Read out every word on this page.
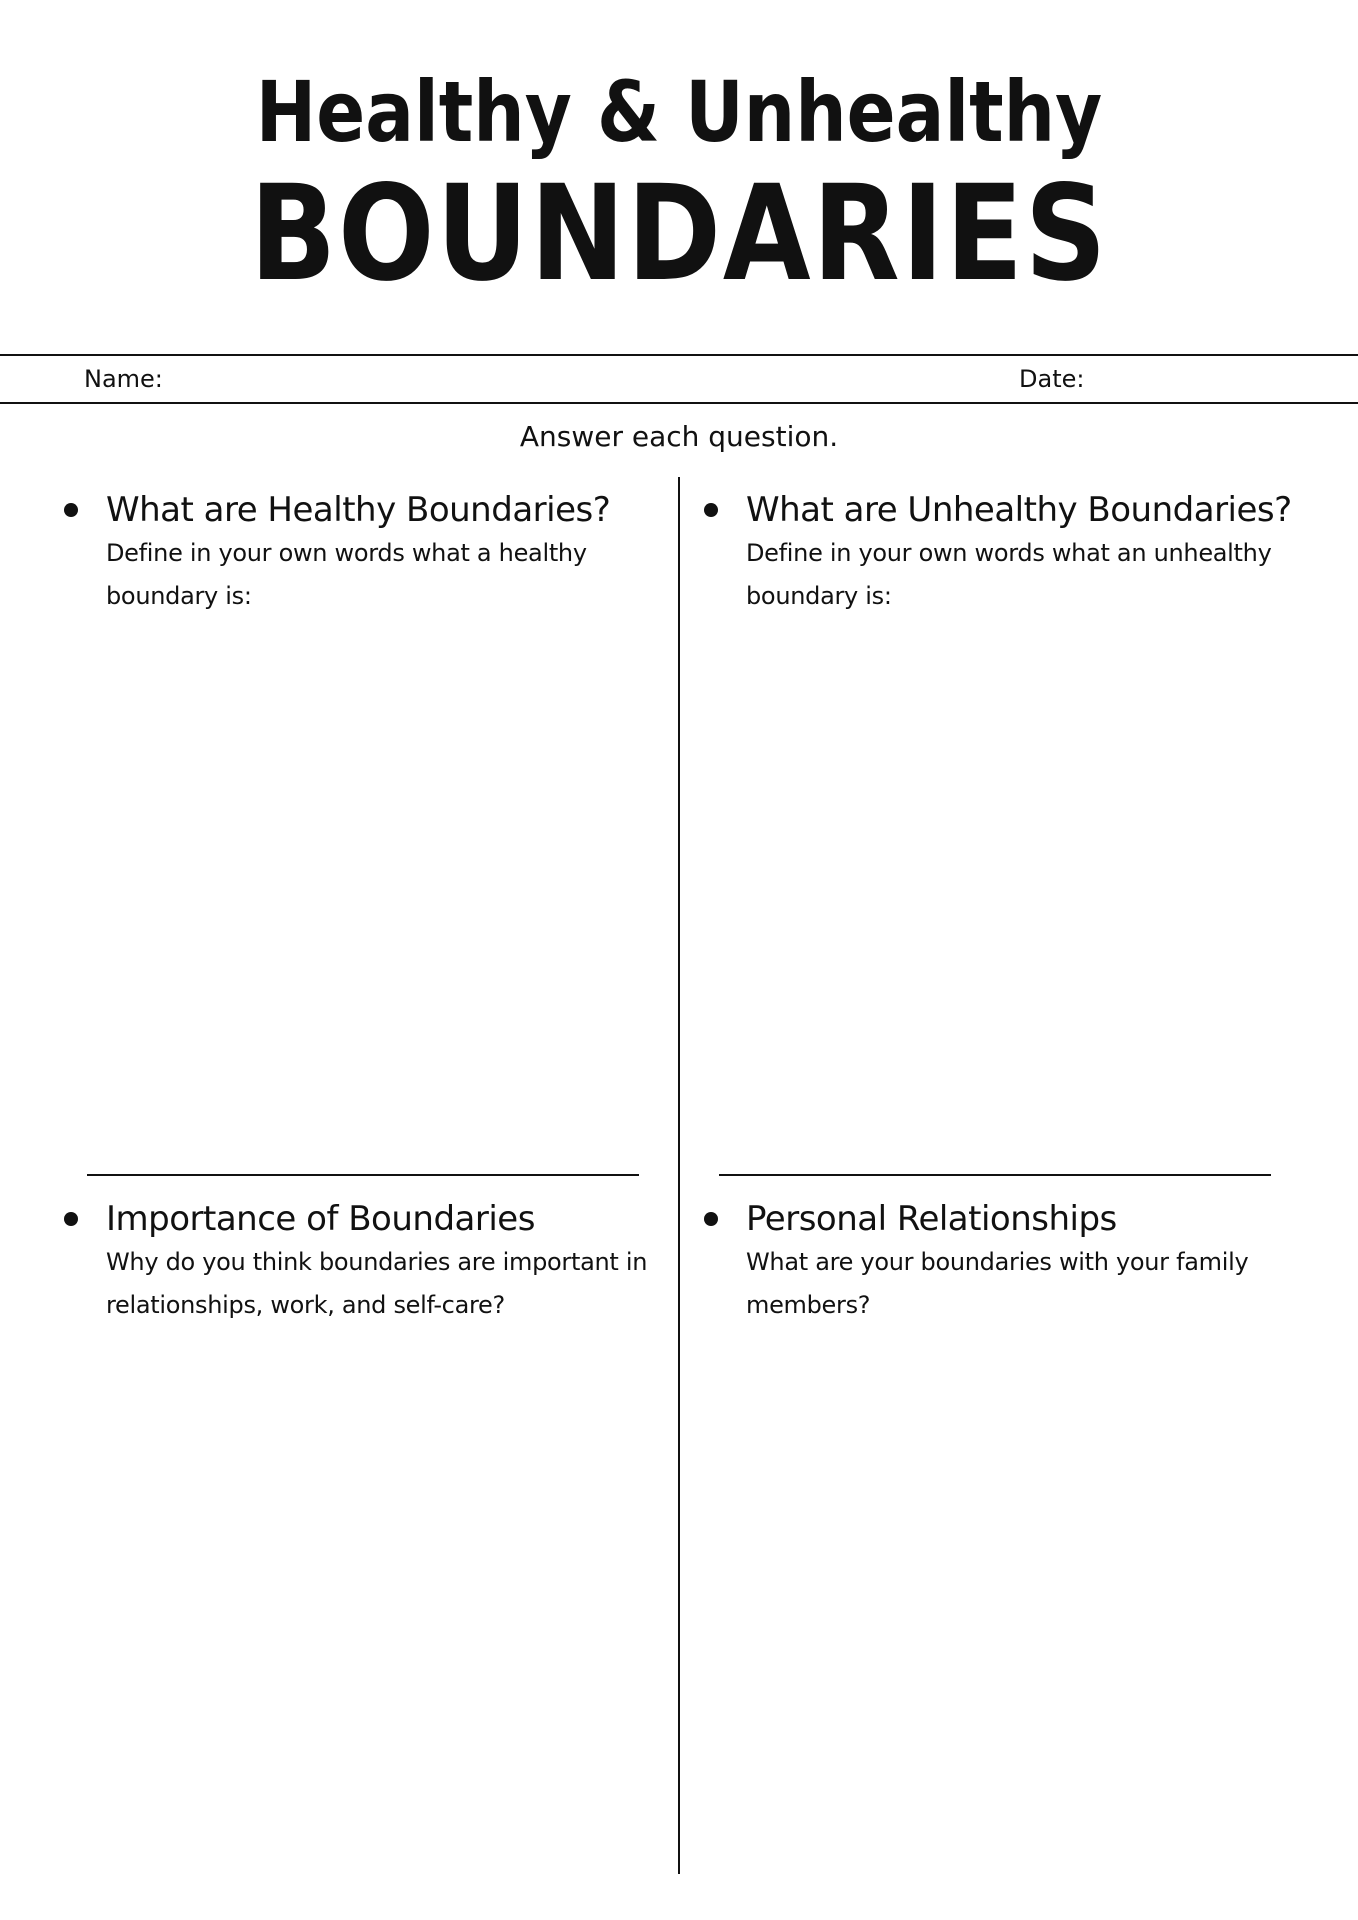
Healthy & Unhealthy
BOUNDARIES
Name:	Date:
Answer each question.
What are Healthy Boundaries?
Define in your own words what a healthy boundary is:
What are Unhealthy Boundaries?
Define in your own words what an unhealthy boundary is:
Importance of Boundaries
Why do you think boundaries are important in relationships, work, and self-care?
Personal Relationships
What are your boundaries with your family members?
